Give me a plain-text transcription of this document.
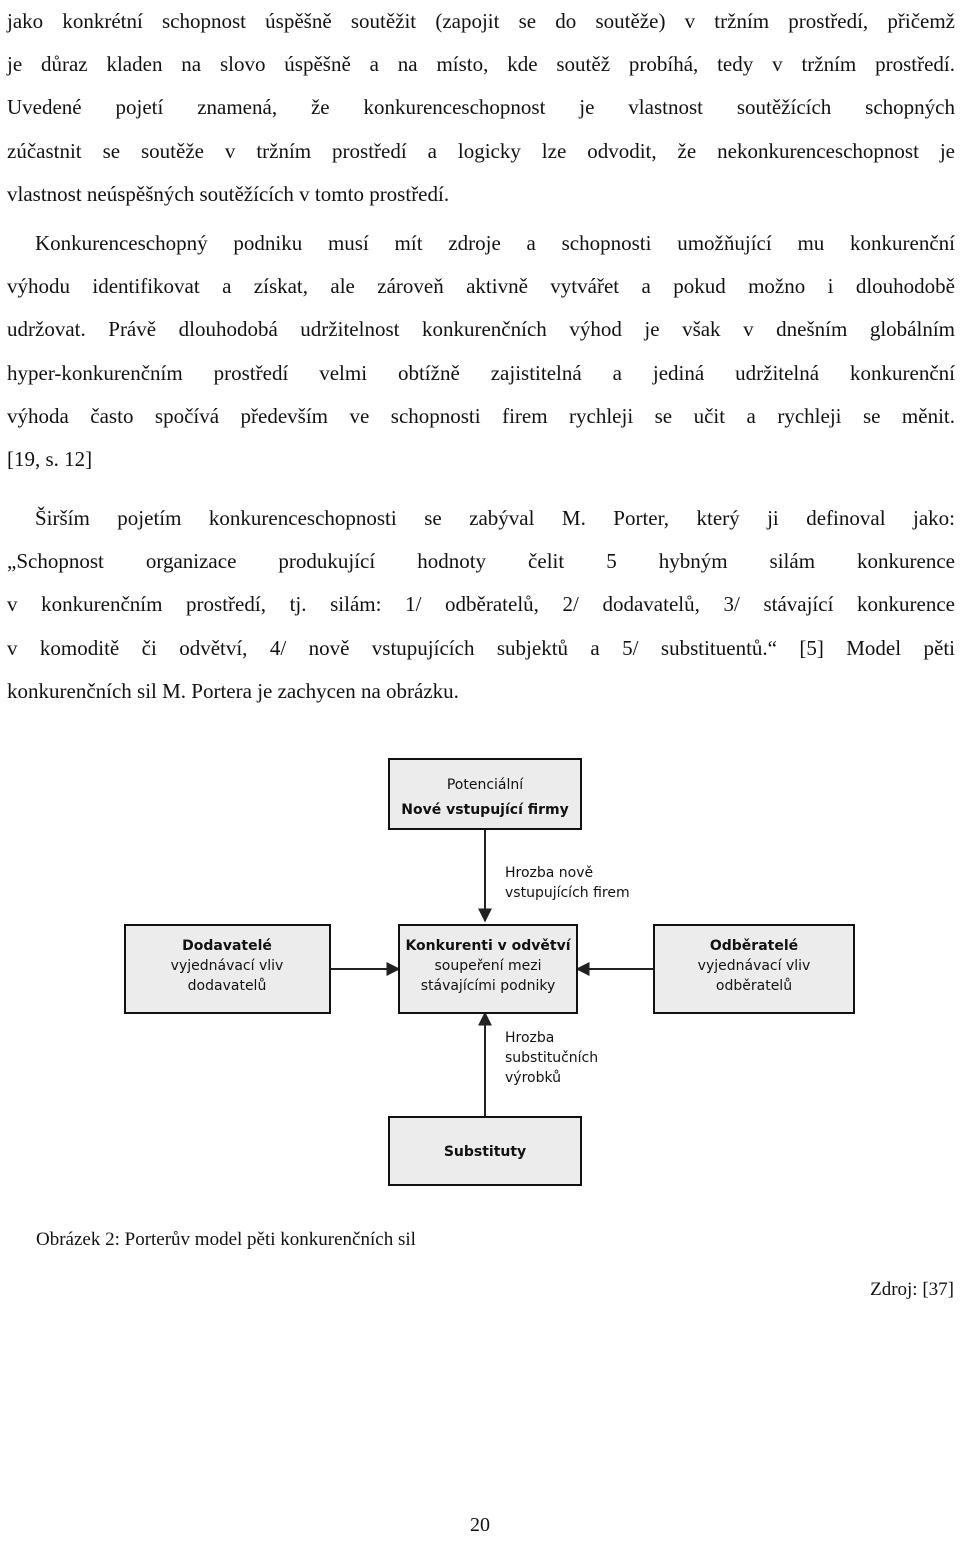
jako konkrétní schopnost úspěšně soutěžit (zapojit se do soutěže) v tržním prostředí, přičemž
je důraz kladen na slovo úspěšně a na místo, kde soutěž probíhá, tedy v tržním prostředí.
Uvedené pojetí znamená, že konkurenceschopnost je vlastnost soutěžících schopných
zúčastnit se soutěže v tržním prostředí a logicky lze odvodit, že nekonkurenceschopnost je
vlastnost neúspěšných soutěžících v tomto prostředí.
Konkurenceschopný podniku musí mít zdroje a schopnosti umožňující mu konkurenční
výhodu identifikovat a získat, ale zároveň aktivně vytvářet a pokud možno i dlouhodobě
udržovat. Právě dlouhodobá udržitelnost konkurenčních výhod je však v dnešním globálním
hyper-konkurenčním prostředí velmi obtížně zajistitelná a jediná udržitelná konkurenční
výhoda často spočívá především ve schopnosti firem rychleji se učit a rychleji se měnit.
[19, s. 12]
Širším pojetím konkurenceschopnosti se zabýval M. Porter, který ji definoval jako:
„Schopnost organizace produkující hodnoty čelit 5 hybným silám konkurence
v konkurenčním prostředí, tj. silám: 1/ odběratelů, 2/ dodavatelů, 3/ stávající konkurence
v komoditě či odvětví, 4/ nově vstupujících subjektů a 5/ substituentů.“ [5] Model pěti
konkurenčních sil M. Portera je zachycen na obrázku.
Potenciální
Nové vstupující firmy
Dodavatelé
vyjednávací vliv
dodavatelů
Konkurenti v odvětví
soupeření mezi
stávajícími podniky
Odběratelé
vyjednávací vliv
odběratelů
Substituty
Hrozba nově
vstupujících firem
Hrozba
substitučních
výrobků
Obrázek 2: Porterův model pěti konkurenčních sil
Zdroj: [37]
20
